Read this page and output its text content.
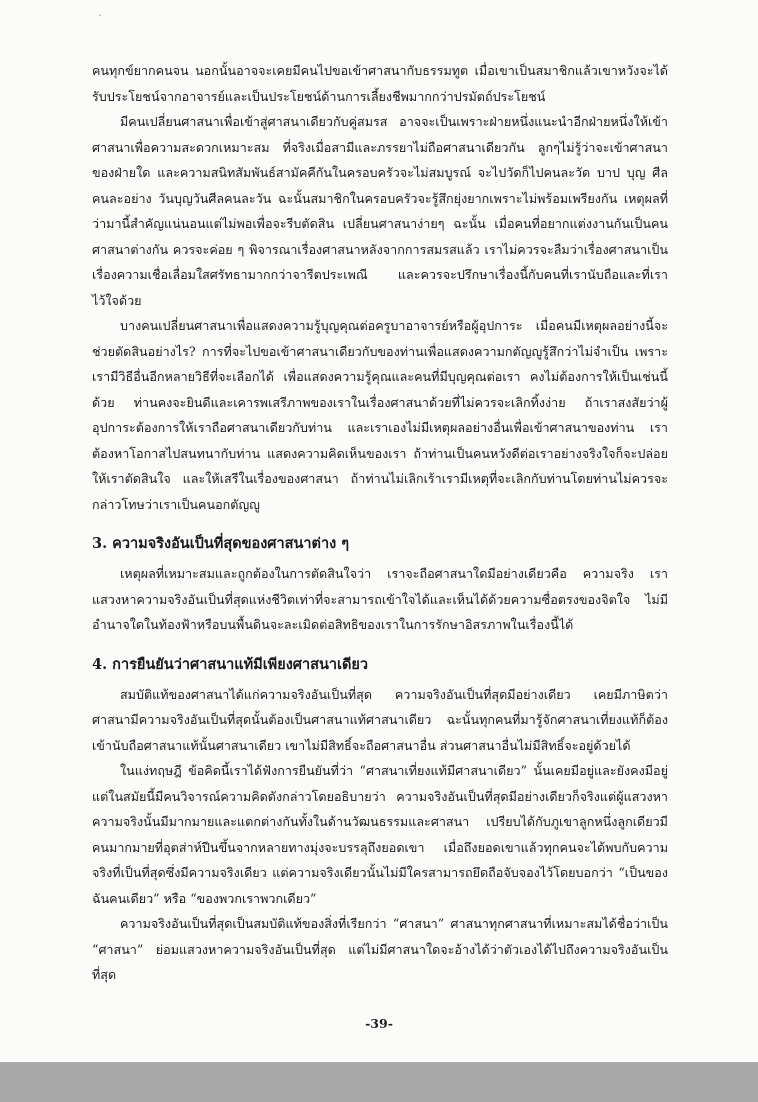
ˇ

คนทุกข์ยากคนจน นอกนั้นอาจจะเคยมีคนไปขอเข้าศาสนากับธรรมทูต เมื่อเขาเป็นสมาชิกแล้วเขาหวังจะได้รับประโยชน์จากอาจารย์และเป็นประโยชน์ด้านการเลี้ยงชีพมากกว่าปรมัตถ์ประโยชน์

มีคนเปลี่ยนศาสนาเพื่อเข้าสู่ศาสนาเดียวกับคู่สมรส อาจจะเป็นเพราะฝ่ายหนึ่งแนะนำอีกฝ่ายหนึ่งให้เข้าศาสนาเพื่อความสะดวกเหมาะสม ที่จริงเมื่อสามีและภรรยาไม่ถือศาสนาเดียวกัน ลูกๆไม่รู้ว่าจะเข้าศาสนาของฝ่ายใด และความสนิทสัมพันธ์สามัคคีกันในครอบครัวจะไม่สมบูรณ์ จะไปวัดก็ไปคนละวัด บาป บุญ ศีลคนละอย่าง วันบุญวันศีลคนละวัน ฉะนั้นสมาชิกในครอบครัวจะรู้สึกยุ่งยากเพราะไม่พร้อมเพรียงกัน เหตุผลที่ว่ามานี้สำคัญแน่นอนแต่ไม่พอเพื่อจะรีบตัดสิน เปลี่ยนศาสนาง่ายๆ ฉะนั้น เมื่อคนที่อยากแต่งงานกันเป็นคนศาสนาต่างกัน ควรจะค่อย ๆ พิจารณาเรื่องศาสนาหลังจากการสมรสแล้ว เราไม่ควรจะลืมว่าเรื่องศาสนาเป็นเรื่องความเชื่อเลื่อมใสศรัทธามากกว่าจารีตประเพณี และควรจะปรึกษาเรื่องนี้กับคนที่เรานับถือและที่เราไว้ใจด้วย

บางคนเปลี่ยนศาสนาเพื่อแสดงความรู้บุญคุณต่อครูบาอาจารย์หรือผู้อุปการะ เมื่อคนมีเหตุผลอย่างนี้จะช่วยตัดสินอย่างไร? การที่จะไปขอเข้าศาสนาเดียวกับของท่านเพื่อแสดงความกตัญญูรู้สึกว่าไม่จำเป็น เพราะเรามีวิธีอื่นอีกหลายวิธีที่จะเลือกได้ เพื่อแสดงความรู้คุณและคนที่มีบุญคุณต่อเรา คงไม่ต้องการให้เป็นเช่นนี้ด้วย ท่านคงจะยินดีและเคารพเสรีภาพของเราในเรื่องศาสนาด้วยที่ไม่ควรจะเลิกทิ้งง่าย ถ้าเราสงสัยว่าผู้อุปการะต้องการให้เราถือศาสนาเดียวกับท่าน และเราเองไม่มีเหตุผลอย่างอื่นเพื่อเข้าศาสนาของท่าน เราต้องหาโอกาสไปสนทนากับท่าน แสดงความคิดเห็นของเรา ถ้าท่านเป็นคนหวังดีต่อเราอย่างจริงใจก็จะปล่อยให้เราตัดสินใจ และให้เสรีในเรื่องของศาสนา ถ้าท่านไม่เลิกเร้าเรามีเหตุที่จะเลิกกับท่านโดยท่านไม่ควรจะกล่าวโทษว่าเราเป็นคนอกตัญญู

3. ความจริงอันเป็นที่สุดของศาสนาต่าง ๆ

เหตุผลที่เหมาะสมและถูกต้องในการตัดสินใจว่า เราจะถือศาสนาใดมีอย่างเดียวคือ ความจริง เราแสวงหาความจริงอันเป็นที่สุดแห่งชีวิตเท่าที่จะสามารถเข้าใจได้และเห็นได้ด้วยความซื่อตรงของจิตใจ ไม่มีอำนาจใดในท้องฟ้าหรือบนพื้นดินจะละเมิดต่อสิทธิของเราในการรักษาอิสรภาพในเรื่องนี้ได้

4. การยืนยันว่าศาสนาแท้มีเพียงศาสนาเดียว

สมบัติแท้ของศาสนาได้แก่ความจริงอันเป็นที่สุด ความจริงอันเป็นที่สุดมีอย่างเดียว เคยมีภาษิตว่าศาสนามีความจริงอันเป็นที่สุดนั้นต้องเป็นศาสนาแท้ศาสนาเดียว ฉะนั้นทุกคนที่มารู้จักศาสนาเที่ยงแท้ก็ต้องเข้านับถือศาสนาแท้นั้นศาสนาเดียว เขาไม่มีสิทธิ์จะถือศาสนาอื่น ส่วนศาสนาอื่นไม่มีสิทธิ์จะอยู่ด้วยได้

ในแง่ทฤษฎี ข้อคิดนี้เราได้ฟังการยืนยันที่ว่า “ศาสนาเที่ยงแท้มีศาสนาเดียว” นั้นเคยมีอยู่และยังคงมีอยู่แต่ในสมัยนี้มีคนวิจารณ์ความคิดดังกล่าวโดยอธิบายว่า ความจริงอันเป็นที่สุดมีอย่างเดียวก็จริงแต่ผู้แสวงหาความจริงนั้นมีมากมายและแตกต่างกันทั้งในด้านวัฒนธรรมและศาสนา เปรียบได้กับภูเขาลูกหนึ่งลูกเดียวมีคนมากมายที่อุตส่าห์ปีนขึ้นจากหลายทางมุ่งจะบรรลุถึงยอดเขา เมื่อถึงยอดเขาแล้วทุกคนจะได้พบกับความจริงที่เป็นที่สุดซึ่งมีความจริงเดียว แต่ความจริงเดียวนั้นไม่มีใครสามารถยึดถือจับจองไว้โดยบอกว่า “เป็นของฉันคนเดียว” หรือ “ของพวกเราพวกเดียว”

ความจริงอันเป็นที่สุดเป็นสมบัติแท้ของสิ่งที่เรียกว่า “ศาสนา” ศาสนาทุกศาสนาที่เหมาะสมได้ชื่อว่าเป็น “ศาสนา” ย่อมแสวงหาความจริงอันเป็นที่สุด แต่ไม่มีศาสนาใดจะอ้างได้ว่าตัวเองได้ไปถึงความจริงอันเป็นที่สุด

-39-
